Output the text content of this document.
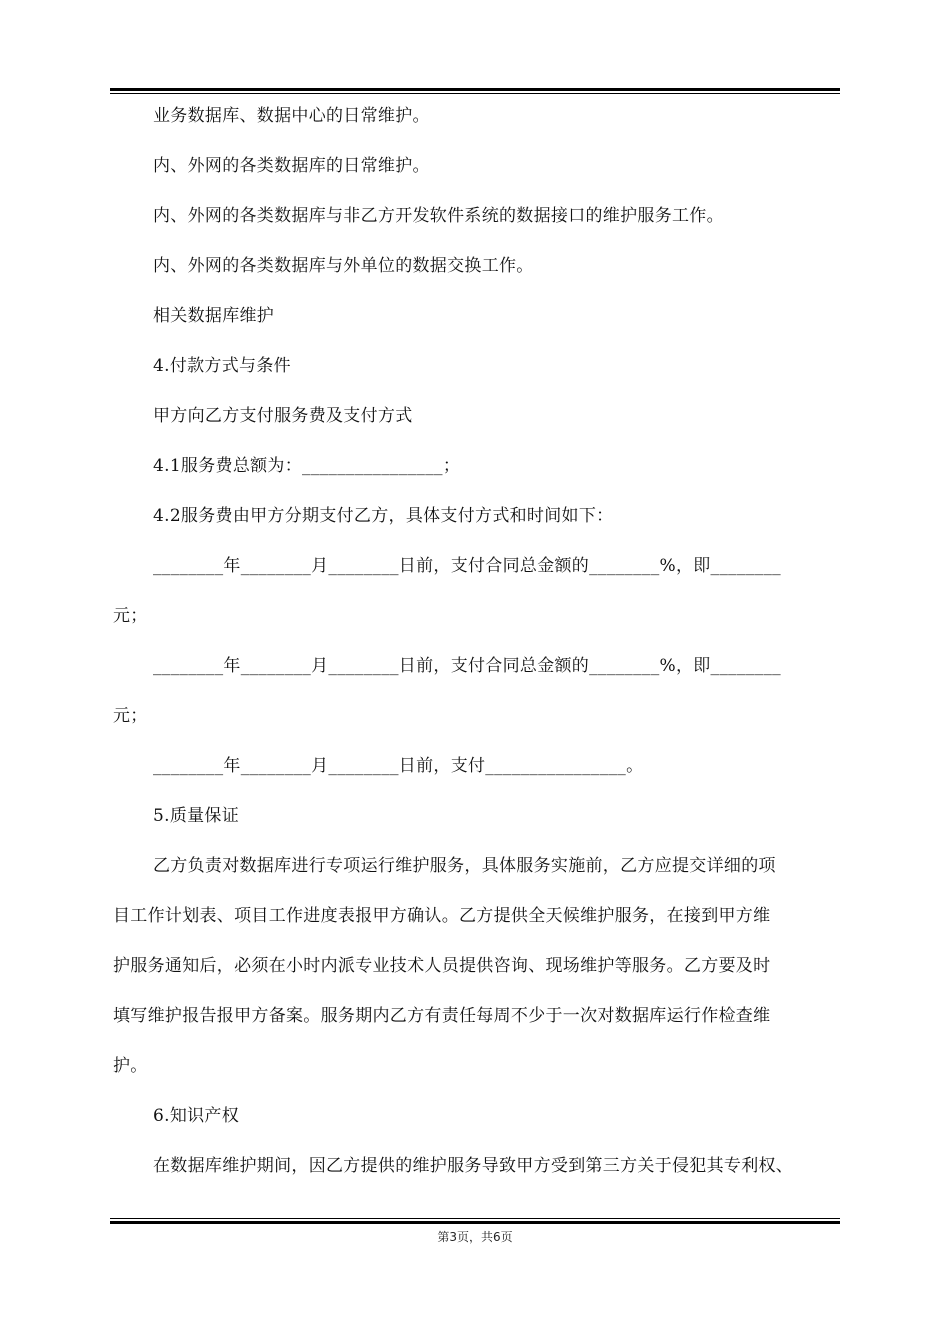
业务数据库、数据中心的日常维护。
内、外网的各类数据库的日常维护。
内、外网的各类数据库与非乙方开发软件系统的数据接口的维护服务工作。
内、外网的各类数据库与外单位的数据交换工作。
相关数据库维护
4.付款方式与条件
甲方向乙方支付服务费及支付方式
4.1服务费总额为：________________；
4.2服务费由甲方分期支付乙方，具体支付方式和时间如下：
________年________月________日前，支付合同总金额的________%，即________
元；
________年________月________日前，支付合同总金额的________%，即________
元；
________年________月________日前，支付________________。
5.质量保证
乙方负责对数据库进行专项运行维护服务，具体服务实施前，乙方应提交详细的项
目工作计划表、项目工作进度表报甲方确认。乙方提供全天候维护服务，在接到甲方维
护服务通知后，必须在小时内派专业技术人员提供咨询、现场维护等服务。乙方要及时
填写维护报告报甲方备案。服务期内乙方有责任每周不少于一次对数据库运行作检查维
护。
6.知识产权
在数据库维护期间，因乙方提供的维护服务导致甲方受到第三方关于侵犯其专利权、
第3页，共6页
